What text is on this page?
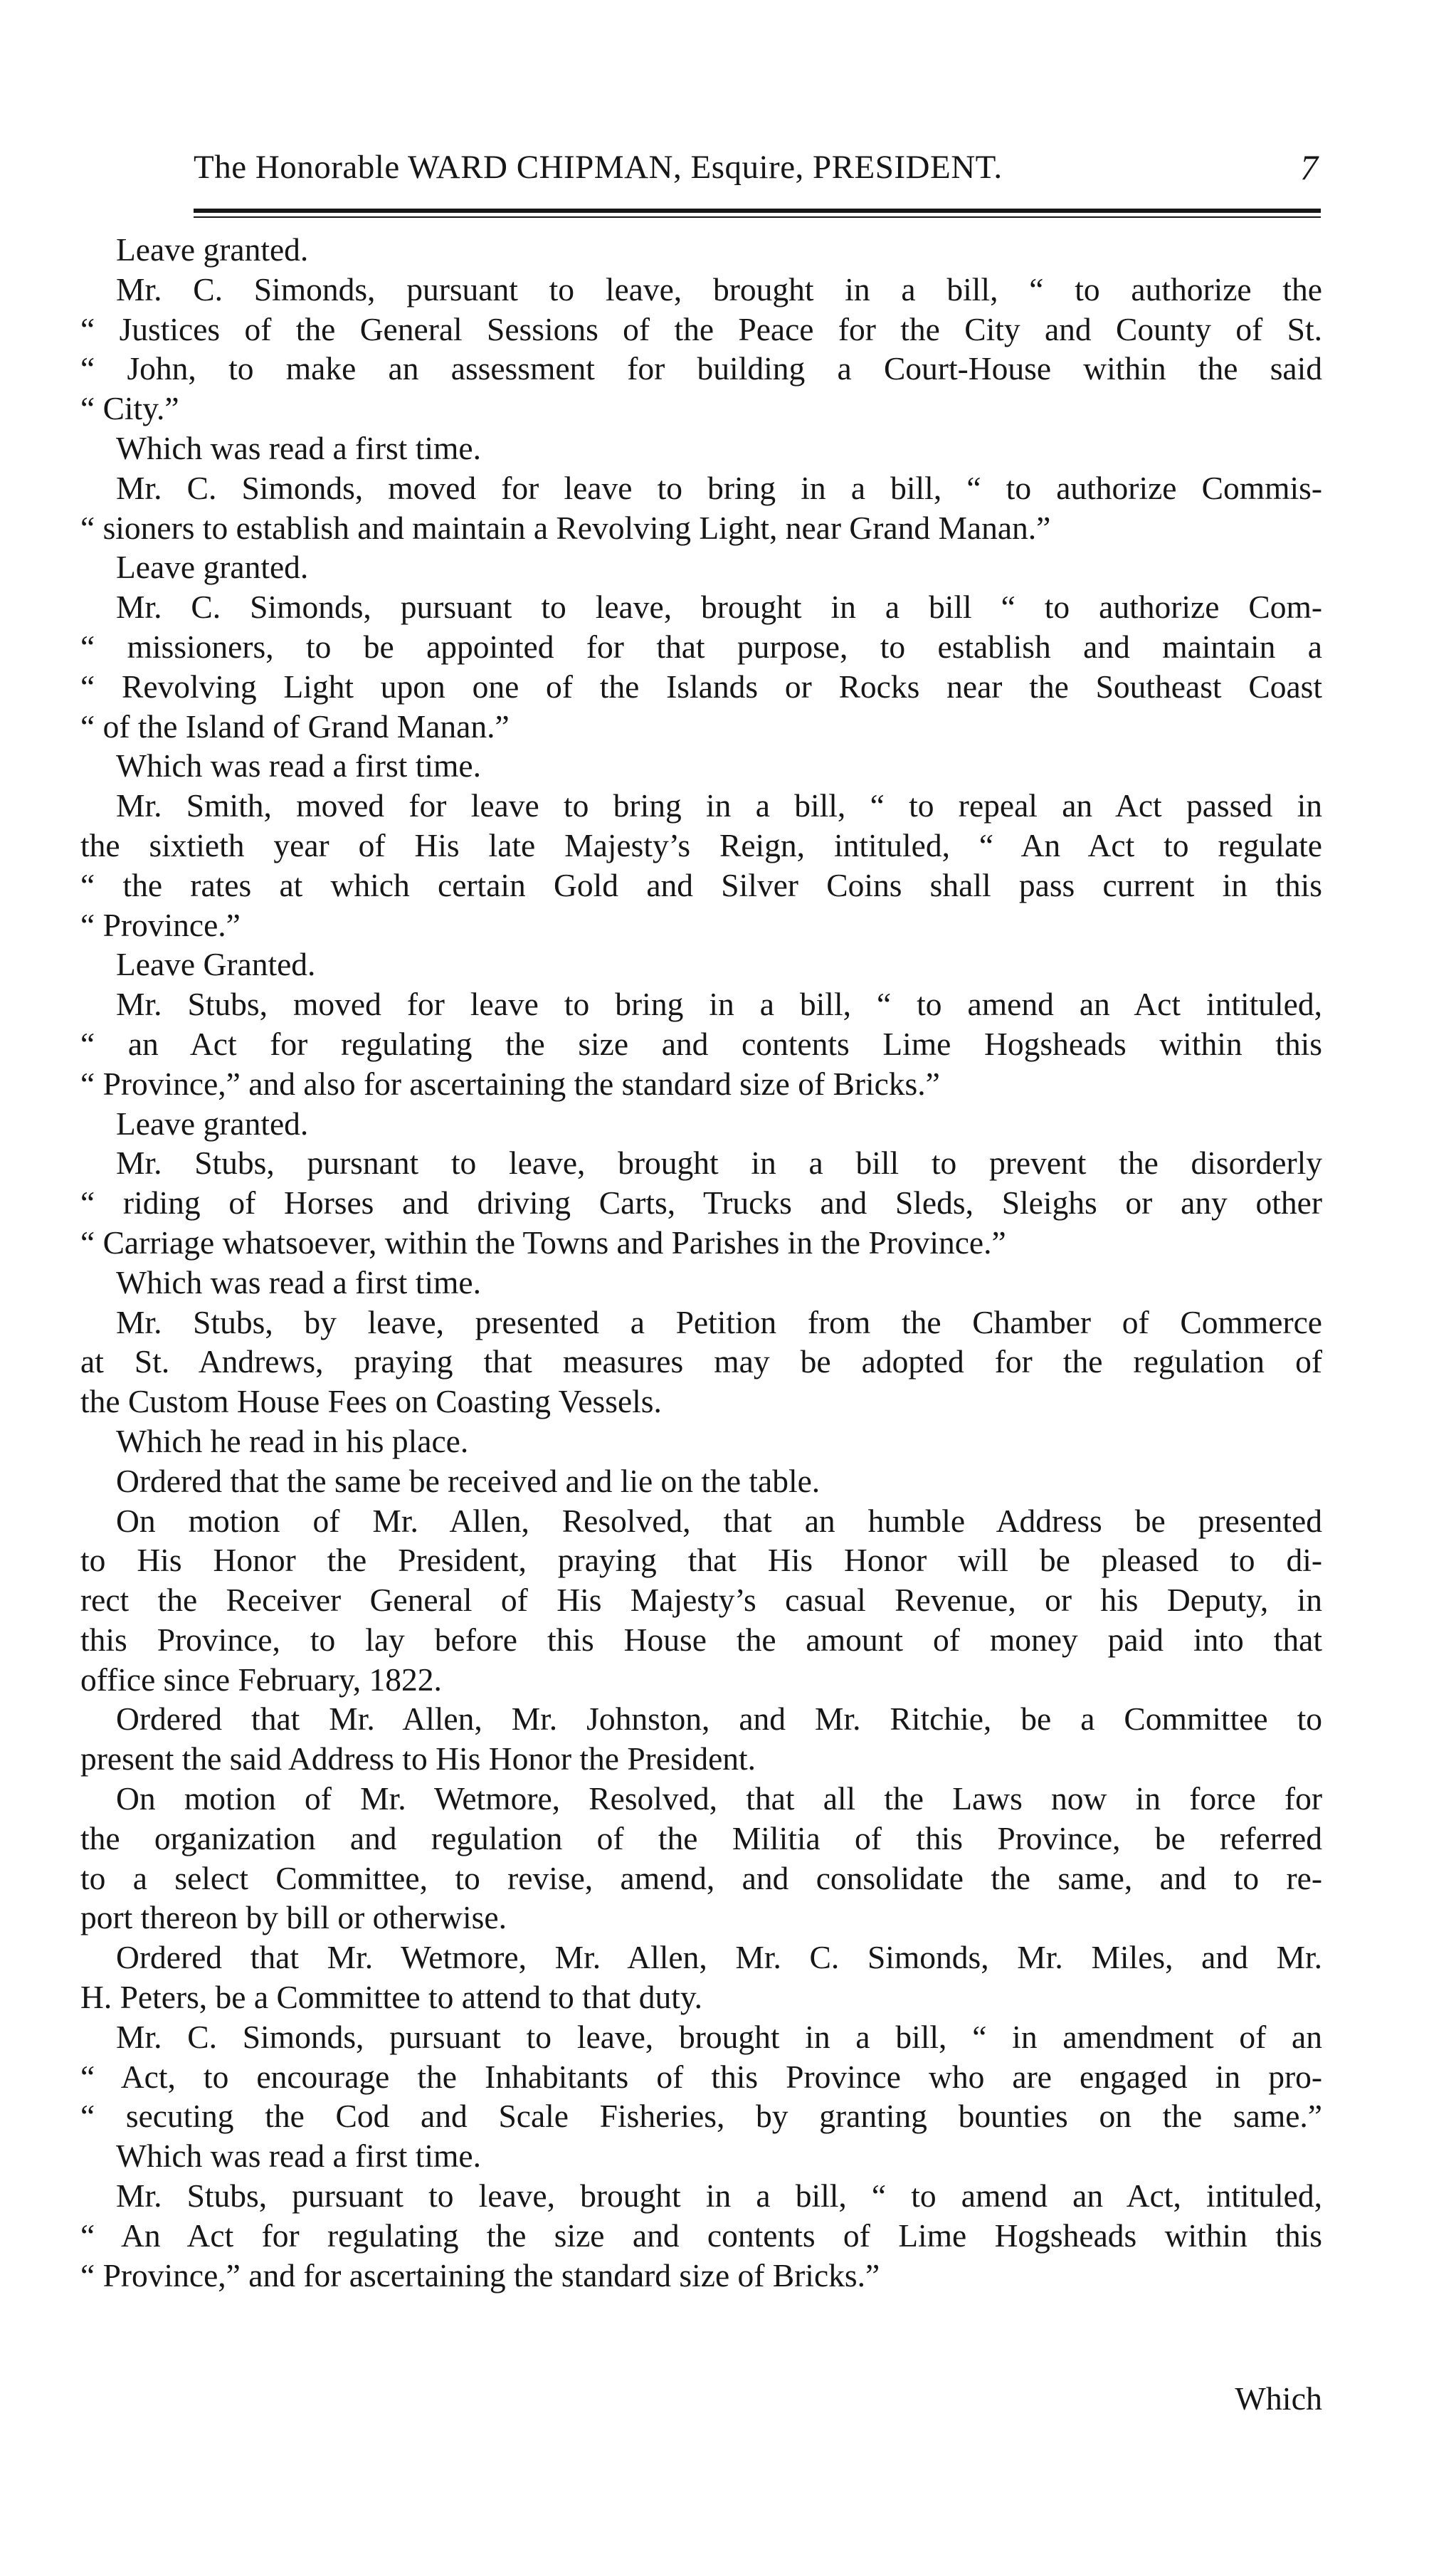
The Honorable WARD CHIPMAN, Esquire, PRESIDENT.	7
Leave granted.
Mr. C. Simonds, pursuant to leave, brought in a bill, “ to authorize the
“ Justices of the General Sessions of the Peace for the City and County of St.
“ John, to make an assessment for building a Court-House within the said
“ City.”
Which was read a first time.
Mr. C. Simonds, moved for leave to bring in a bill, “ to authorize Commis-
“ sioners to establish and maintain a Revolving Light, near Grand Manan.”
Leave granted.
Mr. C. Simonds, pursuant to leave, brought in a bill “ to authorize Com-
“ missioners, to be appointed for that purpose, to establish and maintain a
“ Revolving Light upon one of the Islands or Rocks near the Southeast Coast
“ of the Island of Grand Manan.”
Which was read a first time.
Mr. Smith, moved for leave to bring in a bill, “ to repeal an Act passed in
the sixtieth year of His late Majesty’s Reign, intituled, “ An Act to regulate
“ the rates at which certain Gold and Silver Coins shall pass current in this
“ Province.”
Leave Granted.
Mr. Stubs, moved for leave to bring in a bill, “ to amend an Act intituled,
“ an Act for regulating the size and contents Lime Hogsheads within this
“ Province,” and also for ascertaining the standard size of Bricks.”
Leave granted.
Mr. Stubs, pursnant to leave, brought in a bill to prevent the disorderly
“ riding of Horses and driving Carts, Trucks and Sleds, Sleighs or any other
“ Carriage whatsoever, within the Towns and Parishes in the Province.”
Which was read a first time.
Mr. Stubs, by leave, presented a Petition from the Chamber of Commerce
at St. Andrews, praying that measures may be adopted for the regulation of
the Custom House Fees on Coasting Vessels.
Which he read in his place.
Ordered that the same be received and lie on the table.
On motion of Mr. Allen, Resolved, that an humble Address be presented
to His Honor the President, praying that His Honor will be pleased to di-
rect the Receiver General of His Majesty’s casual Revenue, or his Deputy, in
this Province, to lay before this House the amount of money paid into that
office since February, 1822.
Ordered that Mr. Allen, Mr. Johnston, and Mr. Ritchie, be a Committee to
present the said Address to His Honor the President.
On motion of Mr. Wetmore, Resolved, that all the Laws now in force for
the organization and regulation of the Militia of this Province, be referred
to a select Committee, to revise, amend, and consolidate the same, and to re-
port thereon by bill or otherwise.
Ordered that Mr. Wetmore, Mr. Allen, Mr. C. Simonds, Mr. Miles, and Mr.
H. Peters, be a Committee to attend to that duty.
Mr. C. Simonds, pursuant to leave, brought in a bill, “ in amendment of an
“ Act, to encourage the Inhabitants of this Province who are engaged in pro-
“ secuting the Cod and Scale Fisheries, by granting bounties on the same.”
Which was read a first time.
Mr. Stubs, pursuant to leave, brought in a bill, “ to amend an Act, intituled,
“ An Act for regulating the size and contents of Lime Hogsheads within this
“ Province,” and for ascertaining the standard size of Bricks.”
Which
